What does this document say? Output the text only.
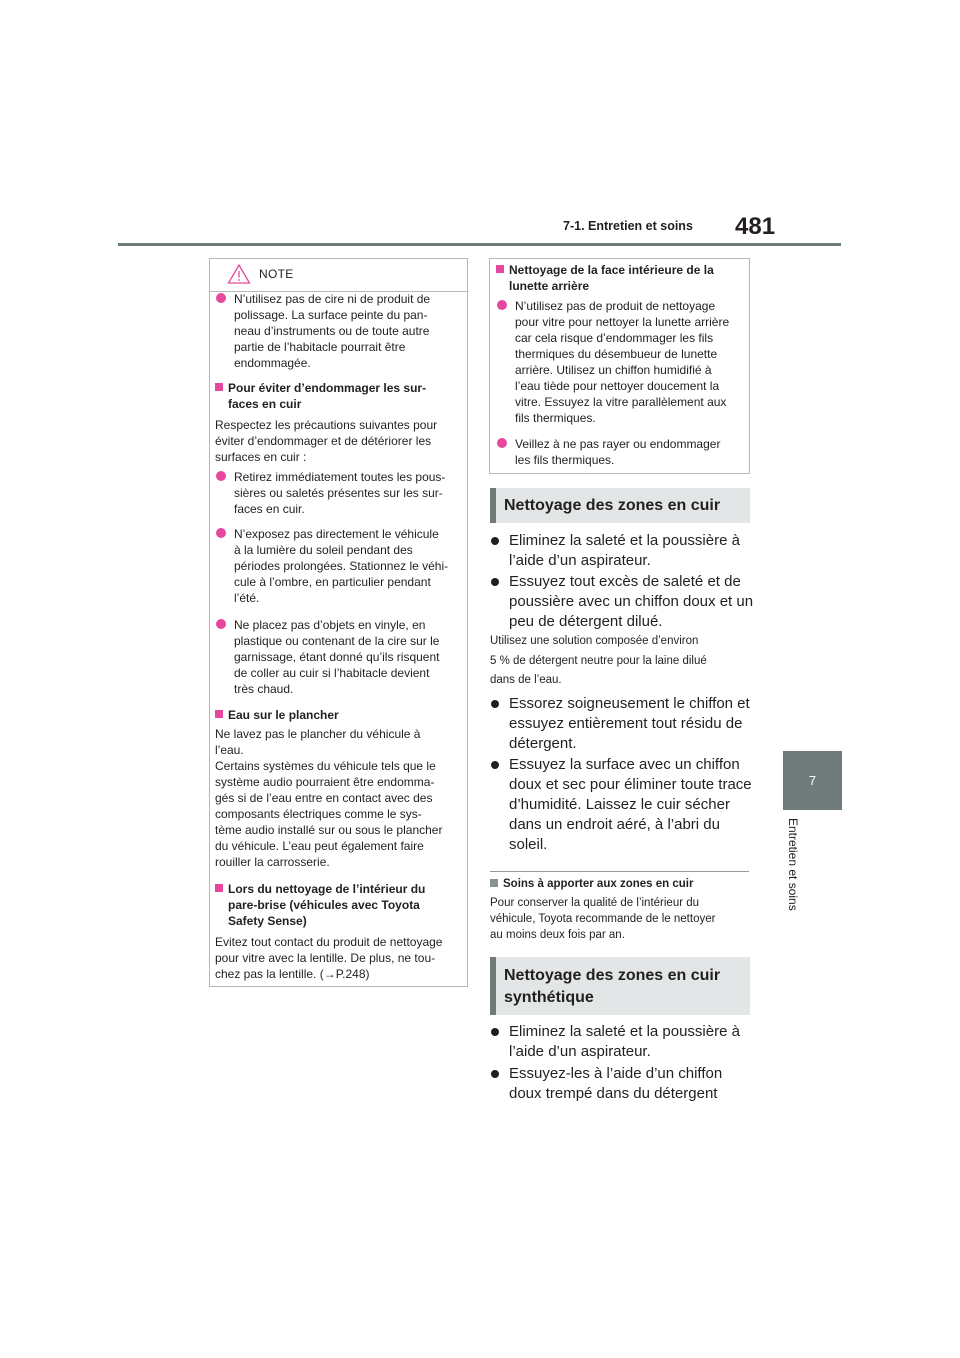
7-1. Entretien et soins 481
7
Entretien et soins
NOTE
N’utilisez pas de cire ni de produit de
polissage. La surface peinte du pan-
neau d’instruments ou de toute autre
partie de l’habitacle pourrait être
endommagée.
Pour éviter d’endommager les sur-
faces en cuir
Respectez les précautions suivantes pour
éviter d’endommager et de détériorer les
surfaces en cuir :
Retirez immédiatement toutes les pous-
sières ou saletés présentes sur les sur-
faces en cuir.
N’exposez pas directement le véhicule
à la lumière du soleil pendant des
périodes prolongées. Stationnez le véhi-
cule à l’ombre, en particulier pendant
l’été.
Ne placez pas d’objets en vinyle, en
plastique ou contenant de la cire sur le
garnissage, étant donné qu’ils risquent
de coller au cuir si l’habitacle devient
très chaud.
Eau sur le plancher
Ne lavez pas le plancher du véhicule à
l’eau.
Certains systèmes du véhicule tels que le
système audio pourraient être endomma-
gés si de l’eau entre en contact avec des
composants électriques comme le sys-
tème audio installé sur ou sous le plancher
du véhicule. L’eau peut également faire
rouiller la carrosserie.
Lors du nettoyage de l’intérieur du
pare-brise (véhicules avec Toyota
Safety Sense)
Evitez tout contact du produit de nettoyage
pour vitre avec la lentille. De plus, ne tou-
chez pas la lentille. (→P.248)
Nettoyage de la face intérieure de la
lunette arrière
N’utilisez pas de produit de nettoyage
pour vitre pour nettoyer la lunette arrière
car cela risque d’endommager les fils
thermiques du désembueur de lunette
arrière. Utilisez un chiffon humidifié à
l’eau tiède pour nettoyer doucement la
vitre. Essuyez la vitre parallèlement aux
fils thermiques.
Veillez à ne pas rayer ou endommager
les fils thermiques.
Nettoyage des zones en cuir
Eliminez la saleté et la poussière à
l’aide d’un aspirateur.
Essuyez tout excès de saleté et de
poussière avec un chiffon doux et un
peu de détergent dilué.
Utilisez une solution composée d’environ
5 % de détergent neutre pour la laine dilué
dans de l’eau.
Essorez soigneusement le chiffon et
essuyez entièrement tout résidu de
détergent.
Essuyez la surface avec un chiffon
doux et sec pour éliminer toute trace
d’humidité. Laissez le cuir sécher
dans un endroit aéré, à l’abri du
soleil.
Soins à apporter aux zones en cuir
Pour conserver la qualité de l’intérieur du
véhicule, Toyota recommande de le nettoyer
au moins deux fois par an.
Nettoyage des zones en cuir
synthétique
Eliminez la saleté et la poussière à
l’aide d’un aspirateur.
Essuyez-les à l’aide d’un chiffon
doux trempé dans du détergent
